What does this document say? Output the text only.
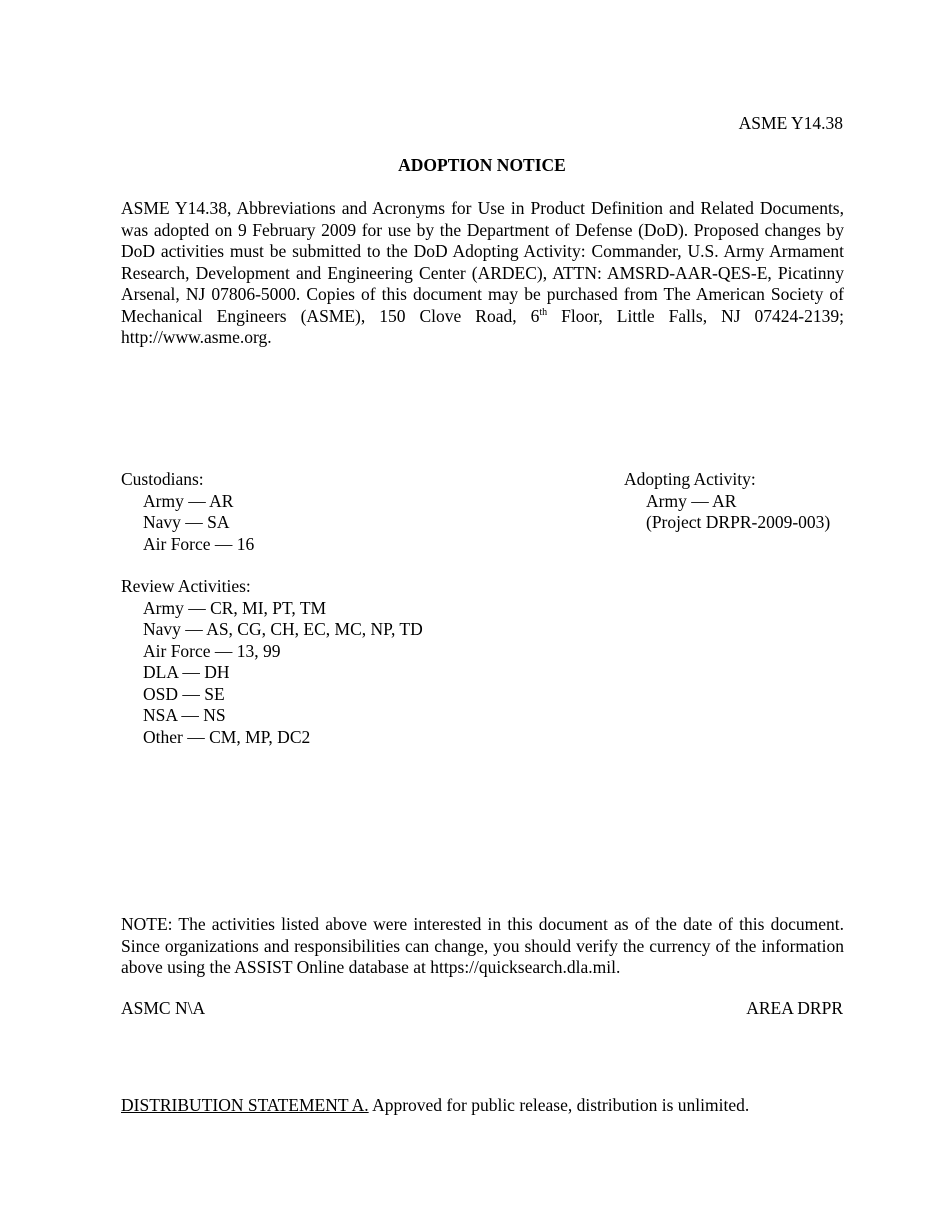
ASME Y14.38
ADOPTION NOTICE
ASME Y14.38, Abbreviations and Acronyms for Use in Product Definition and Related Documents, was adopted on 9 February 2009 for use by the Department of Defense (DoD). Proposed changes by DoD activities must be submitted to the DoD Adopting Activity: Commander, U.S. Army Armament Research, Development and Engineering Center (ARDEC), ATTN: AMSRD-AAR-QES-E, Picatinny Arsenal, NJ 07806-5000. Copies of this document may be purchased from The American Society of Mechanical Engineers (ASME), 150 Clove Road, 6th Floor, Little Falls, NJ 07424-2139; http://www.asme.org.
Custodians:
Army — AR
Navy — SA
Air Force — 16
Adopting Activity:
Army — AR
(Project DRPR-2009-003)
Review Activities:
Army — CR, MI, PT, TM
Navy — AS, CG, CH, EC, MC, NP, TD
Air Force — 13, 99
DLA — DH
OSD — SE
NSA — NS
Other — CM, MP, DC2
NOTE: The activities listed above were interested in this document as of the date of this document. Since organizations and responsibilities can change, you should verify the currency of the information above using the ASSIST Online database at https://quicksearch.dla.mil.
ASMC N\A	AREA DRPR
DISTRIBUTION STATEMENT A. Approved for public release, distribution is unlimited.
